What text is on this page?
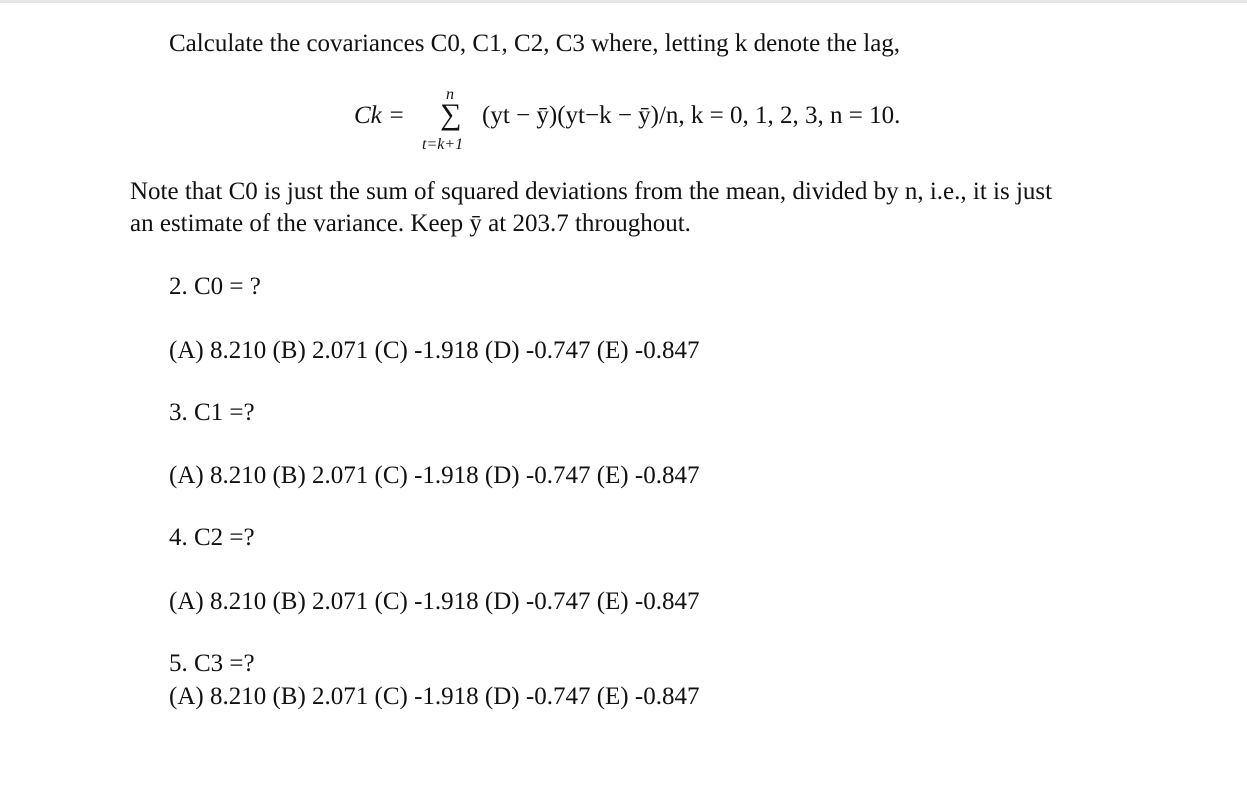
Calculate the covariances C0, C1, C2, C3 where, letting k denote the lag,
Ck =
n
∑
t=k+1
(yt − ȳ)(yt−k − ȳ)/n, k = 0, 1, 2, 3, n = 10.
Note that C0 is just the sum of squared deviations from the mean, divided by n, i.e., it is just
an estimate of the variance. Keep ȳ at 203.7 throughout.
2. C0 = ?
(A) 8.210 (B) 2.071 (C) -1.918 (D) -0.747 (E) -0.847
3. C1 =?
(A) 8.210 (B) 2.071 (C) -1.918 (D) -0.747 (E) -0.847
4. C2 =?
(A) 8.210 (B) 2.071 (C) -1.918 (D) -0.747 (E) -0.847
5. C3 =?
(A) 8.210 (B) 2.071 (C) -1.918 (D) -0.747 (E) -0.847
